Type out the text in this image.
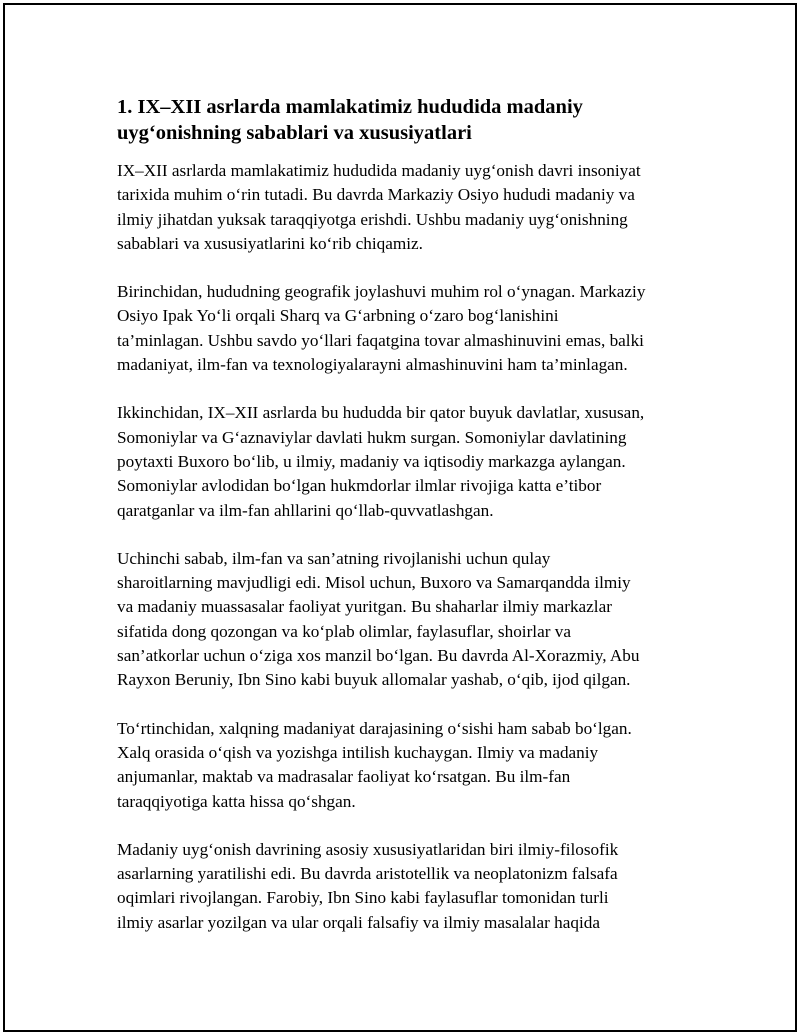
1. IX–XII asrlarda mamlakatimiz hududida madaniy
uyg‘onishning sabablari va xususiyatlari

IX–XII asrlarda mamlakatimiz hududida madaniy uyg‘onish davri insoniyat
tarixida muhim o‘rin tutadi. Bu davrda Markaziy Osiyo hududi madaniy va
ilmiy jihatdan yuksak taraqqiyotga erishdi. Ushbu madaniy uyg‘onishning
sabablari va xususiyatlarini ko‘rib chiqamiz.

Birinchidan, hududning geografik joylashuvi muhim rol o‘ynagan. Markaziy
Osiyo Ipak Yo‘li orqali Sharq va G‘arbning o‘zaro bog‘lanishini
ta’minlagan. Ushbu savdo yo‘llari faqatgina tovar almashinuvini emas, balki
madaniyat, ilm-fan va texnologiyalarayni almashinuvini ham ta’minlagan.

Ikkinchidan, IX–XII asrlarda bu hududda bir qator buyuk davlatlar, xususan,
Somoniylar va G‘aznaviylar davlati hukm surgan. Somoniylar davlatining
poytaxti Buxoro bo‘lib, u ilmiy, madaniy va iqtisodiy markazga aylangan.
Somoniylar avlodidan bo‘lgan hukmdorlar ilmlar rivojiga katta e’tibor
qaratganlar va ilm-fan ahllarini qo‘llab-quvvatlashgan.

Uchinchi sabab, ilm-fan va san’atning rivojlanishi uchun qulay
sharoitlarning mavjudligi edi. Misol uchun, Buxoro va Samarqandda ilmiy
va madaniy muassasalar faoliyat yuritgan. Bu shaharlar ilmiy markazlar
sifatida dong qozongan va ko‘plab olimlar, faylasuflar, shoirlar va
san’atkorlar uchun o‘ziga xos manzil bo‘lgan. Bu davrda Al-Xorazmiy, Abu
Rayxon Beruniy, Ibn Sino kabi buyuk allomalar yashab, o‘qib, ijod qilgan.

To‘rtinchidan, xalqning madaniyat darajasining o‘sishi ham sabab bo‘lgan.
Xalq orasida o‘qish va yozishga intilish kuchaygan. Ilmiy va madaniy
anjumanlar, maktab va madrasalar faoliyat ko‘rsatgan. Bu ilm-fan
taraqqiyotiga katta hissa qo‘shgan.

Madaniy uyg‘onish davrining asosiy xususiyatlaridan biri ilmiy-filosofik
asarlarning yaratilishi edi. Bu davrda aristotellik va neoplatonizm falsafa
oqimlari rivojlangan. Farobiy, Ibn Sino kabi faylasuflar tomonidan turli
ilmiy asarlar yozilgan va ular orqali falsafiy va ilmiy masalalar haqida
